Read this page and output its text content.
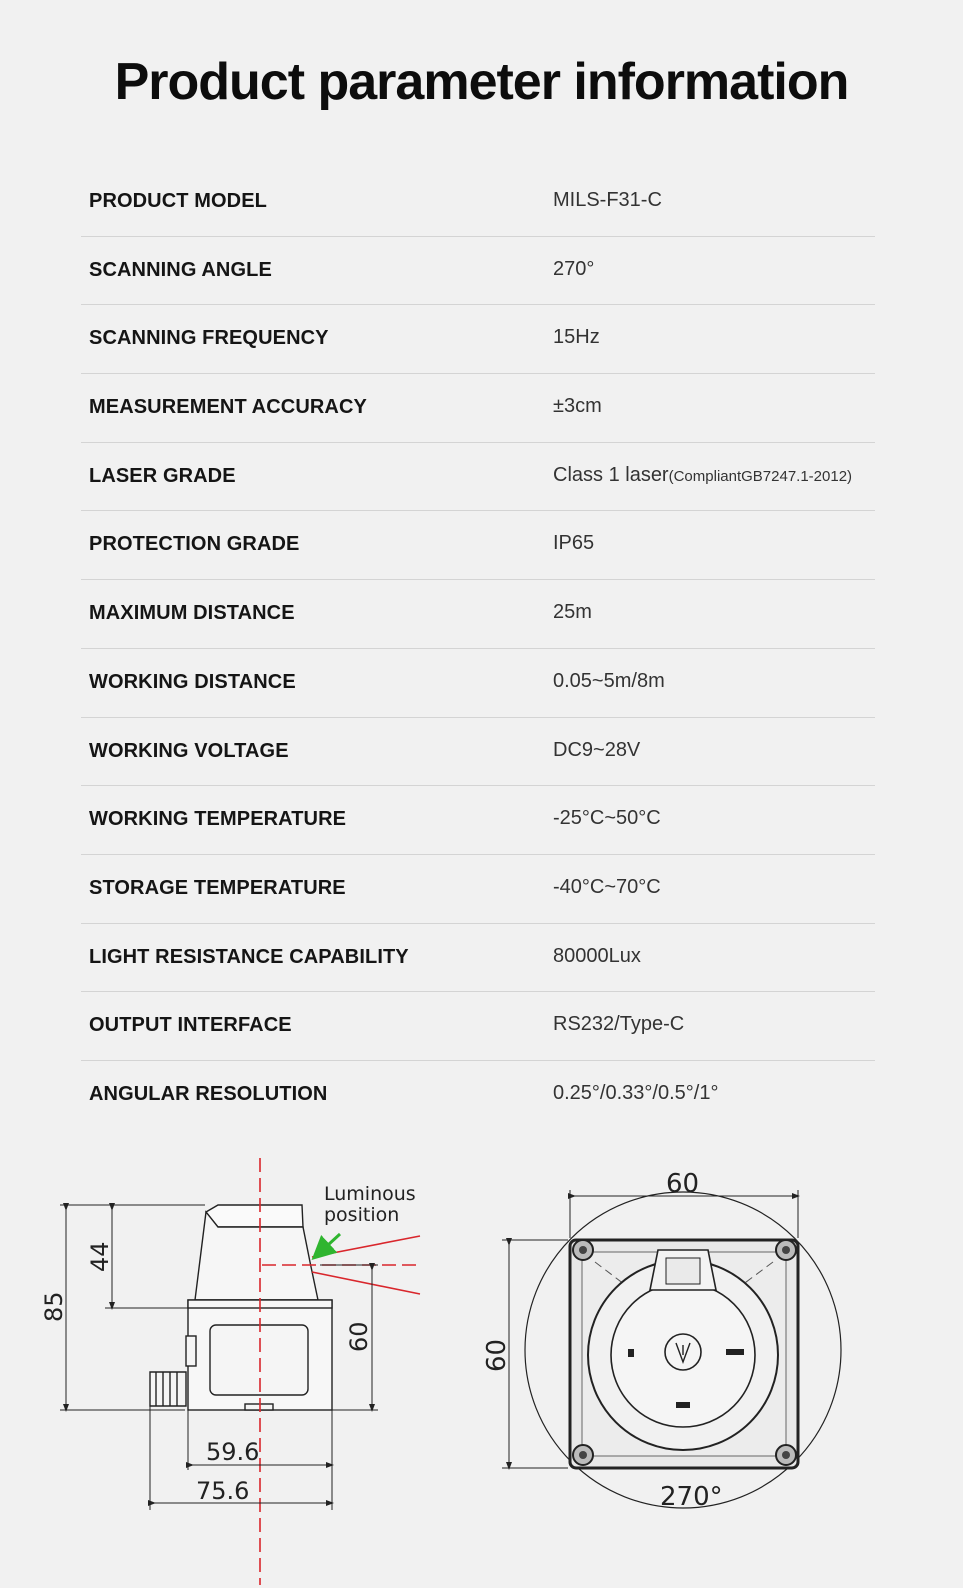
Product parameter information
PRODUCT MODEL	MILS-F31-C
SCANNING ANGLE	270°
SCANNING FREQUENCY	15Hz
MEASUREMENT ACCURACY	±3cm
LASER GRADE	Class 1 laser(CompliantGB7247.1-2012)
PROTECTION GRADE	IP65
MAXIMUM DISTANCE	25m
WORKING DISTANCE	0.05~5m/8m
WORKING VOLTAGE	DC9~28V
WORKING TEMPERATURE	-25°C~50°C
STORAGE TEMPERATURE	-40°C~70°C
LIGHT RESISTANCE CAPABILITY	80000Lux
OUTPUT INTERFACE	RS232/Type-C
ANGULAR RESOLUTION	0.25°/0.33°/0.5°/1°
Luminous
position
85
44
60
59.6
75.6
60
60
270°
